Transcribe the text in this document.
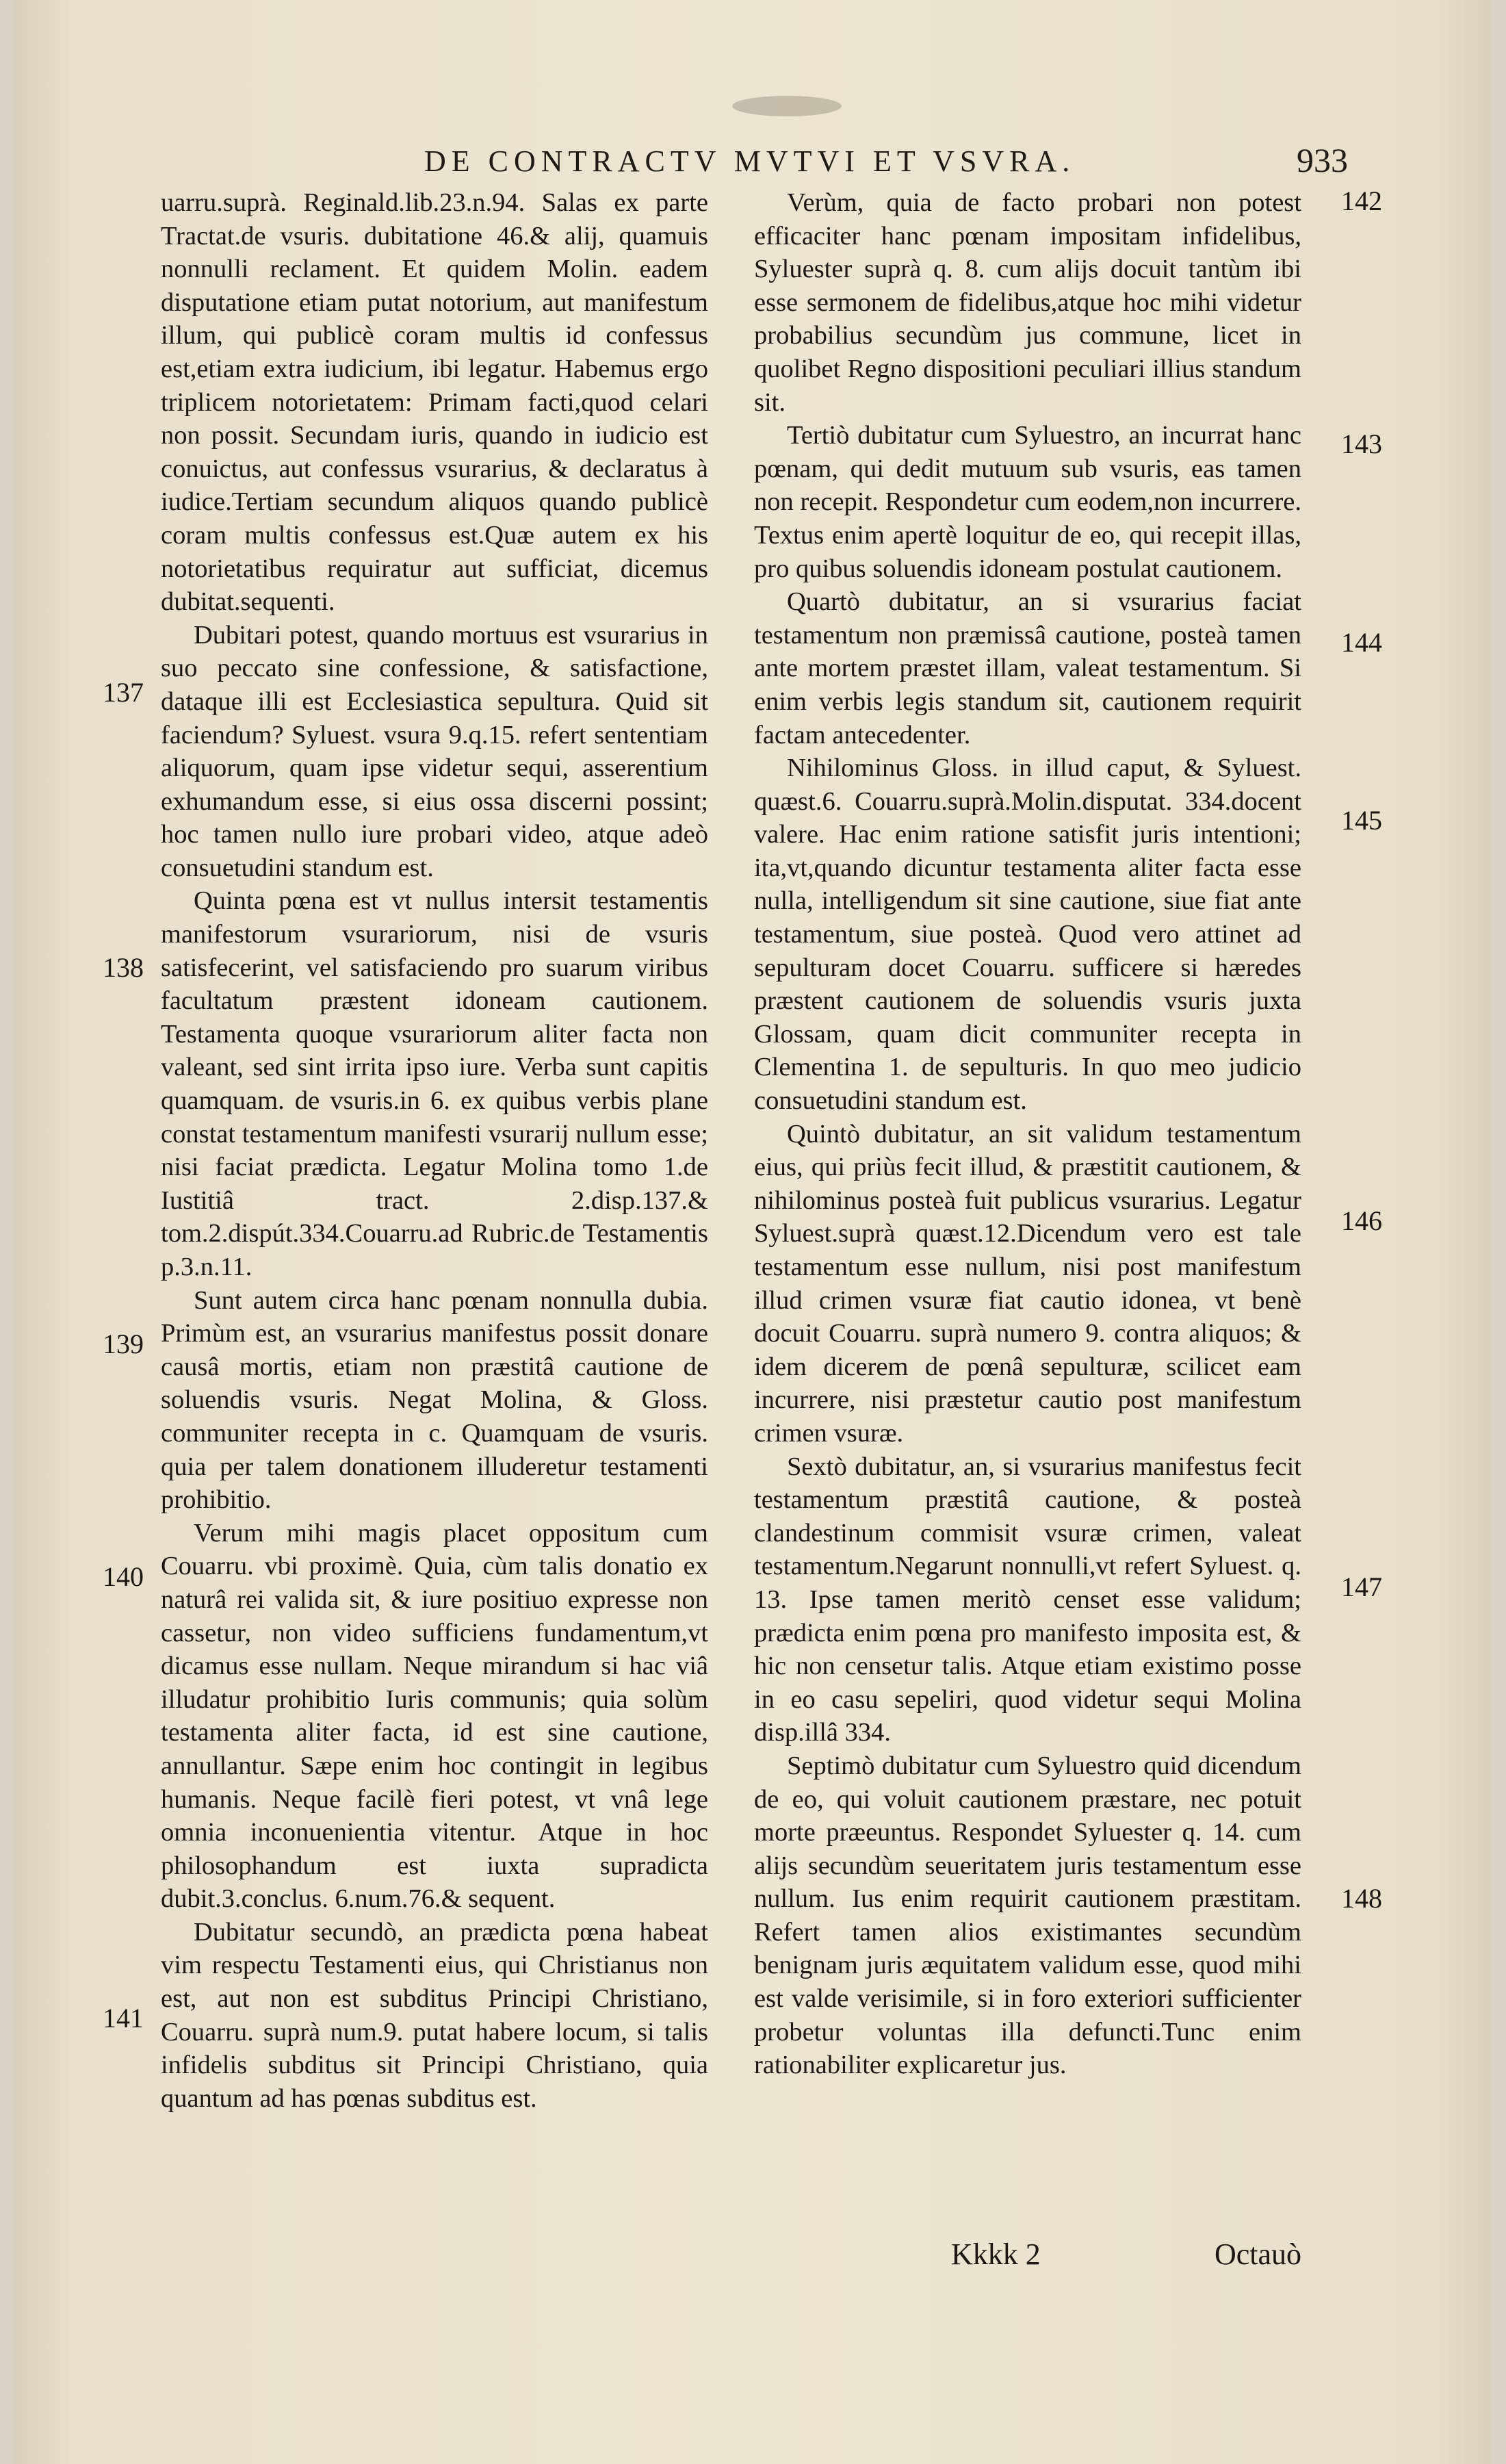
DE CONTRACTV MVTVI ET VSVRA.	933

uarru.suprà. Reginald.lib.23.n.94. Salas ex parte Tractat.de vsuris. dubitatione 46.& alij, quamuis nonnulli reclament. Et quidem Molin. eadem disputatione etiam putat notorium, aut manifestum illum, qui publicè coram multis id confessus est,etiam extra iudicium, ibi legatur. Habemus ergo triplicem notorietatem: Primam facti,quod celari non possit. Secundam iuris, quando in iudicio est conuictus, aut confessus vsurarius, & declaratus à iudice.Tertiam secundum aliquos quando publicè coram multis confessus est.Quæ autem ex his notorietatibus requiratur aut sufficiat, dicemus dubitat.sequenti.

Dubitari potest, quando mortuus est vsurarius in suo peccato sine confessione, & satisfactione, dataque illi est Ecclesiastica sepultura. Quid sit faciendum? Syluest. vsura 9.q.15. refert sententiam aliquorum, quam ipse videtur sequi, asserentium exhumandum esse, si eius ossa discerni possint; hoc tamen nullo iure probari video, atque adeò consuetudini standum est.

Quinta pœna est vt nullus intersit testamentis manifestorum vsurariorum, nisi de vsuris satisfecerint, vel satisfaciendo pro suarum viribus facultatum præstent idoneam cautionem. Testamenta quoque vsurariorum aliter facta non valeant, sed sint irrita ipso iure. Verba sunt capitis quamquam. de vsuris.in 6. ex quibus verbis plane constat testamentum manifesti vsurarij nullum esse; nisi faciat prædicta. Legatur Molina tomo 1.de Iustitiâ tract. 2.disp.137.& tom.2.dispút.334.Couarru.ad Rubric.de Testamentis p.3.n.11.

Sunt autem circa hanc pœnam nonnulla dubia. Primùm est, an vsurarius manifestus possit donare causâ mortis, etiam non præstitâ cautione de soluendis vsuris. Negat Molina, & Gloss. communiter recepta in c. Quamquam de vsuris. quia per talem donationem illuderetur testamenti prohibitio.

Verum mihi magis placet oppositum cum Couarru. vbi proximè. Quia, cùm talis donatio ex naturâ rei valida sit, & iure positiuo expresse non cassetur, non video sufficiens fundamentum,vt dicamus esse nullam. Neque mirandum si hac viâ illudatur prohibitio Iuris communis; quia solùm testamenta aliter facta, id est sine cautione, annullantur. Sæpe enim hoc contingit in legibus humanis. Neque facilè fieri potest, vt vnâ lege omnia inconuenientia vitentur. Atque in hoc philosophandum est iuxta supradicta dubit.3.conclus. 6.num.76.& sequent.

Dubitatur secundò, an prædicta pœna habeat vim respectu Testamenti eius, qui Christianus non est, aut non est subditus Principi Christiano, Couarru. suprà num.9. putat habere locum, si talis infidelis subditus sit Principi Christiano, quia quantum ad has pœnas subditus est.

Verùm, quia de facto probari non potest efficaciter hanc pœnam impositam infidelibus, Syluester suprà q. 8. cum alijs docuit tantùm ibi esse sermonem de fidelibus,atque hoc mihi videtur probabilius secundùm jus commune, licet in quolibet Regno dispositioni peculiari illius standum sit.

Tertiò dubitatur cum Syluestro, an incurrat hanc pœnam, qui dedit mutuum sub vsuris, eas tamen non recepit. Respondetur cum eodem,non incurrere. Textus enim apertè loquitur de eo, qui recepit illas, pro quibus soluendis idoneam postulat cautionem.

Quartò dubitatur, an si vsurarius faciat testamentum non præmissâ cautione, posteà tamen ante mortem præstet illam, valeat testamentum. Si enim verbis legis standum sit, cautionem requirit factam antecedenter.

Nihilominus Gloss. in illud caput, & Syluest. quæst.6. Couarru.suprà.Molin.disputat. 334.docent valere. Hac enim ratione satisfit juris intentioni; ita,vt,quando dicuntur testamenta aliter facta esse nulla, intelligendum sit sine cautione, siue fiat ante testamentum, siue posteà. Quod vero attinet ad sepulturam docet Couarru. sufficere si hæredes præstent cautionem de soluendis vsuris juxta Glossam, quam dicit communiter recepta in Clementina 1. de sepulturis. In quo meo judicio consuetudini standum est.

Quintò dubitatur, an sit validum testamentum eius, qui priùs fecit illud, & præstitit cautionem, & nihilominus posteà fuit publicus vsurarius. Legatur Syluest.suprà quæst.12.Dicendum vero est tale testamentum esse nullum, nisi post manifestum illud crimen vsuræ fiat cautio idonea, vt benè docuit Couarru. suprà numero 9. contra aliquos; & idem dicerem de pœnâ sepulturæ, scilicet eam incurrere, nisi præstetur cautio post manifestum crimen vsuræ.

Sextò dubitatur, an, si vsurarius manifestus fecit testamentum præstitâ cautione, & posteà clandestinum commisit vsuræ crimen, valeat testamentum.Negarunt nonnulli,vt refert Syluest. q. 13. Ipse tamen meritò censet esse validum; prædicta enim pœna pro manifesto imposita est, & hic non censetur talis. Atque etiam existimo posse in eo casu sepeliri, quod videtur sequi Molina disp.illâ 334.

Septimò dubitatur cum Syluestro quid dicendum de eo, qui voluit cautionem præstare, nec potuit morte præeuntus. Respondet Syluester q. 14. cum alijs secundùm seueritatem juris testamentum esse nullum. Ius enim requirit cautionem præstitam. Refert tamen alios existimantes secundùm benignam juris æquitatem validum esse, quod mihi est valde verisimile, si in foro exteriori sufficienter probetur voluntas illa defuncti.Tunc enim rationabiliter explicaretur jus.

137
138
139
140
141
142
143
144
145
146
147
148
Kkkk 2	Octauò
